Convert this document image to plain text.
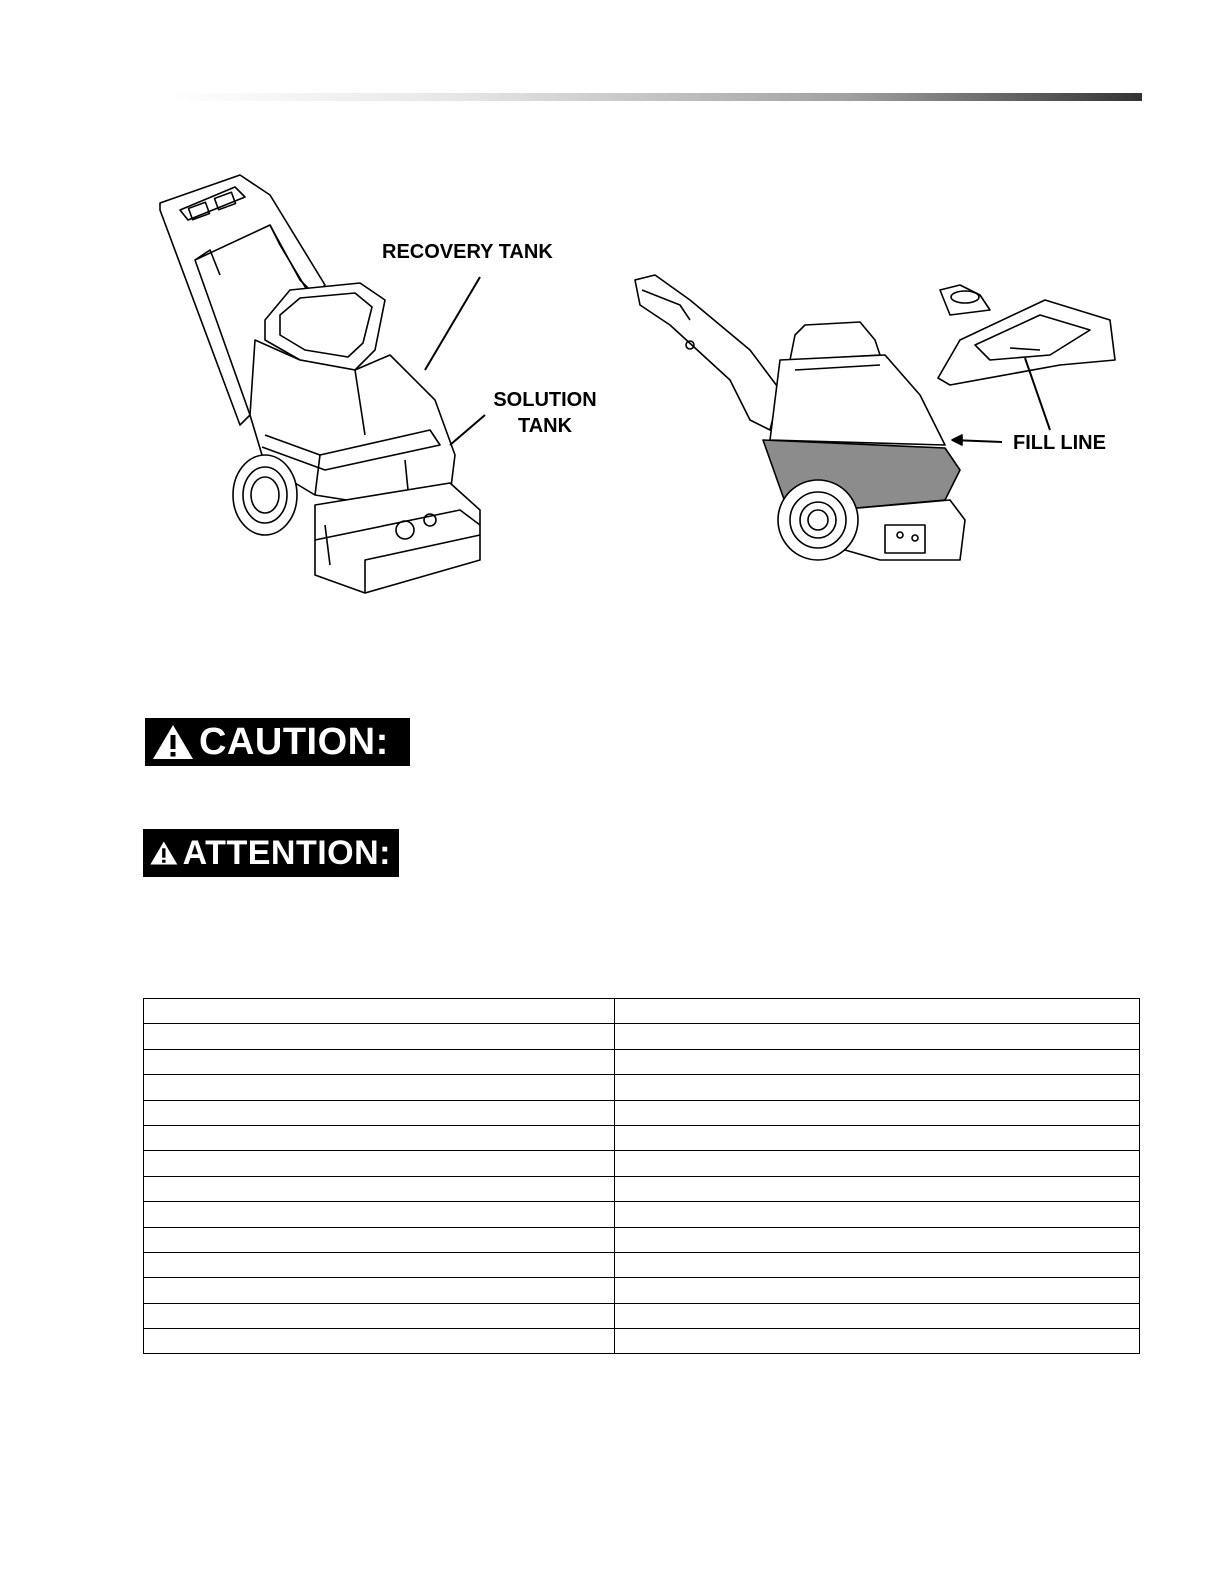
RECOVERY TANK
SOLUTION
TANK
FILL LINE
CAUTION:
ATTENTION:
